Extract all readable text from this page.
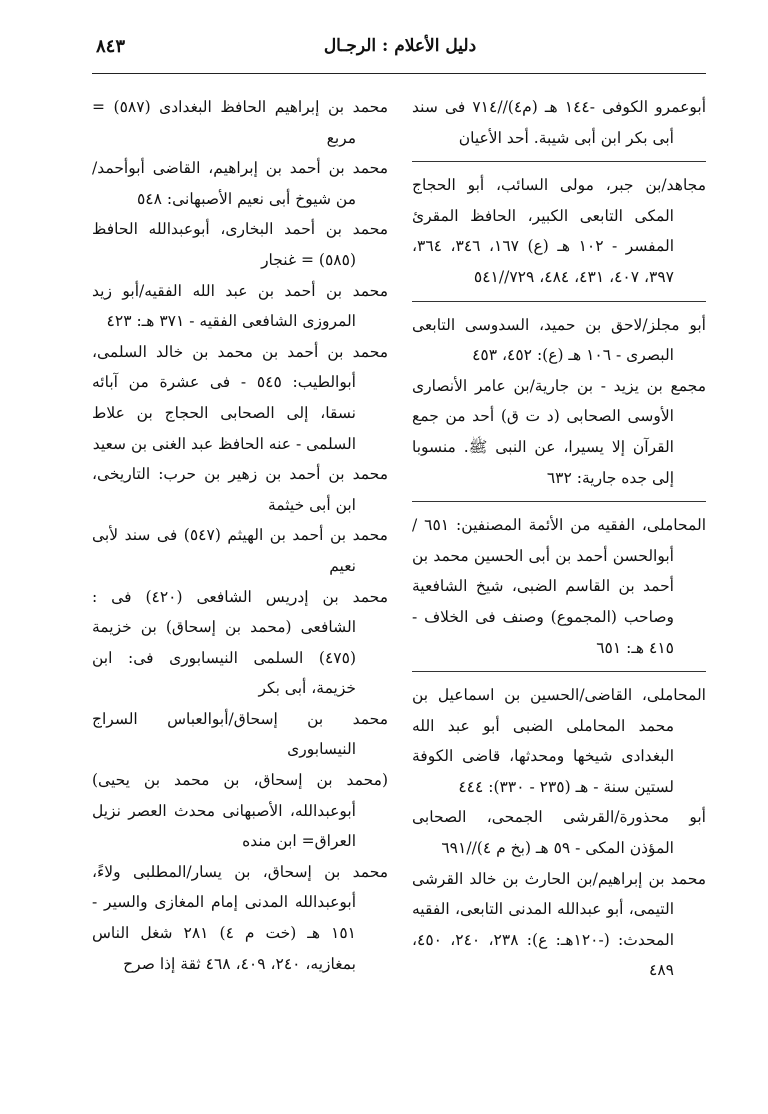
دليل الأعلام : الرجـال
٨٤٣

أبوعمرو الكوفى -١٤٤ هـ (م٤)//٧١٤ فى سند أبى بكر ابن أبى شيبة. أحد الأعيان

مجاهد/بن جبر، مولى السائب، أبو الحجاج المكى التابعى الكبير، الحافظ المقرئ المفسر - ١٠٢ هـ (ع) ١٦٧، ٣٤٦، ٣٦٤، ٣٩٧، ٤٠٧، ٤٣١، ٤٨٤، ٧٢٩//٥٤١

أبو مجلز/لاحق بن حميد، السدوسى التابعى البصرى - ١٠٦ هـ (ع): ٤٥٢، ٤٥٣

مجمع بن يزيد - بن جارية/بن عامر الأنصارى الأوسى الصحابى (د ت ق) أحد من جمع القرآن إلا يسيرا، عن النبى ﷺ. منسوبا إلى جده جارية: ٦٣٢

المحاملى، الفقيه من الأئمة المصنفين: ٦٥١ /أبوالحسن أحمد بن أبى الحسين محمد بن أحمد بن القاسم الضبى، شيخ الشافعية وصاحب (المجموع) وصنف فى الخلاف - ٤١٥ هـ: ٦٥١

المحاملى، القاضى/الحسين بن اسماعيل بن محمد المحاملى الضبى أبو عبد الله البغدادى شيخها ومحدثها، قاضى الكوفة لستين سنة - هـ (٢٣٥ - ٣٣٠): ٤٤٤

أبو محذورة/القرشى الجمحى، الصحابى المؤذن المكى - ٥٩ هـ (بخ م ٤)//٦٩١

محمد بن إبراهيم/بن الحارث بن خالد القرشى التيمى، أبو عبدالله المدنى التابعى، الفقيه المحدث: (-١٢٠هـ: ع): ٢٣٨، ٢٤٠، ٤٥٠، ٤٨٩

محمد بن إبراهيم الحافظ البغدادى (٥٨٧) = مربع

محمد بن أحمد بن إبراهيم، القاضى أبوأحمد/من شيوخ أبى نعيم الأصبهانى: ٥٤٨

محمد بن أحمد البخارى، أبوعبدالله الحافظ (٥٨٥) = غنجار

محمد بن أحمد بن عبد الله الفقيه/أبو زيد المروزى الشافعى الفقيه - ٣٧١ هـ: ٤٢٣

محمد بن أحمد بن محمد بن خالد السلمى، أبوالطيب: ٥٤٥ - فى عشرة من آبائه نسقا، إلى الصحابى الحجاج بن علاط السلمى - عنه الحافظ عبد الغنى بن سعيد

محمد بن أحمد بن زهير بن حرب: التاريخى، ابن أبى خيثمة

محمد بن أحمد بن الهيثم (٥٤٧) فى سند لأبى نعيم

محمد بن إدريس الشافعى (٤٢٠) فى : الشافعى (محمد بن إسحاق) بن خزيمة (٤٧٥) السلمى النيسابورى فى: ابن خزيمة، أبى بكر

محمد بن إسحاق/أبوالعباس السراج النيسابورى

(محمد بن إسحاق، بن محمد بن يحيى) أبوعبدالله، الأصبهانى محدث العصر نزيل العراق= ابن منده

محمد بن إسحاق، بن يسار/المطلبى ولاءً، أبوعبدالله المدنى إمام المغازى والسير - ١٥١ هـ (خت م ٤) ٢٨١ شغل الناس بمغازيه، ٢٤٠، ٤٠٩، ٤٦٨ ثقة إذا صرح
